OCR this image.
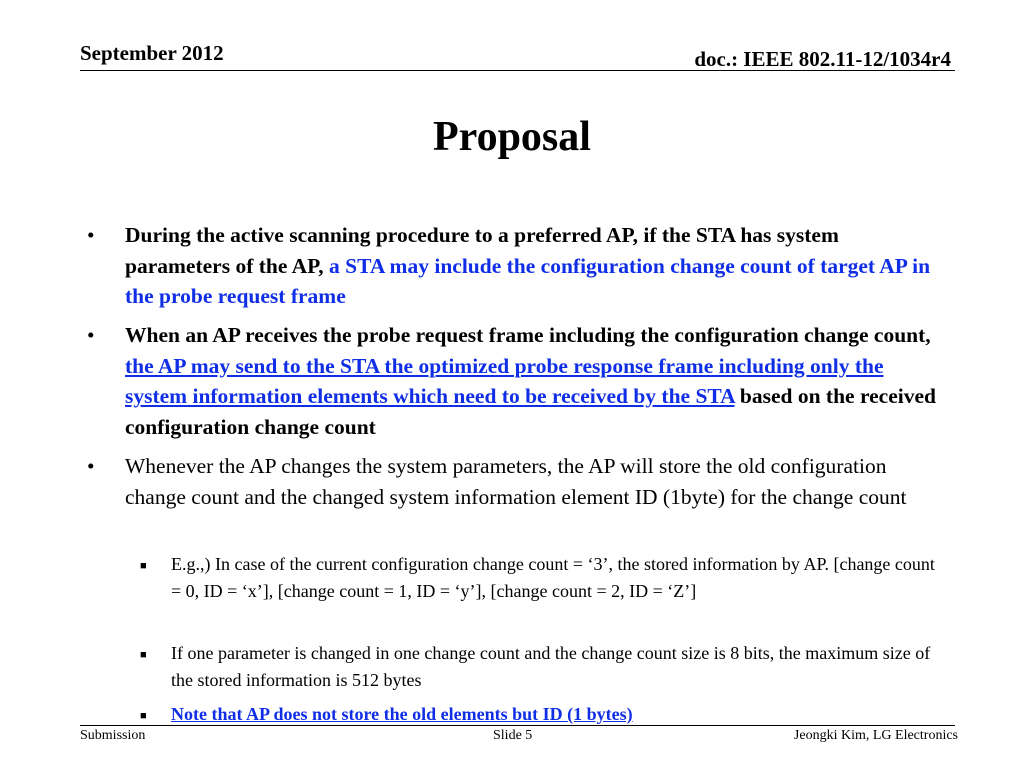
September 2012	doc.: IEEE 802.11-12/1034r4
Proposal
• During the active scanning procedure to a preferred AP, if the STA has system parameters of the AP, a STA may include the configuration change count of target AP in the probe request frame
• When an AP receives the probe request frame including the configuration change count, the AP may send to the STA the optimized probe response frame including only the system information elements which need to be received by the STA based on the received configuration change count
• Whenever the AP changes the system parameters, the AP will store the old configuration change count and the changed system information element ID (1byte) for the change count
■ E.g.,) In case of the current configuration change count = ‘3’, the stored information by AP. [change count = 0, ID = ‘x’], [change count = 1, ID = ‘y’], [change count = 2, ID = ‘Z’]
■ If one parameter is changed in one change count and the change count size is 8 bits, the maximum size of the stored information is 512 bytes
■ Note that AP does not store the old elements but ID (1 bytes)
Submission	Slide 5	Jeongki Kim, LG Electronics
